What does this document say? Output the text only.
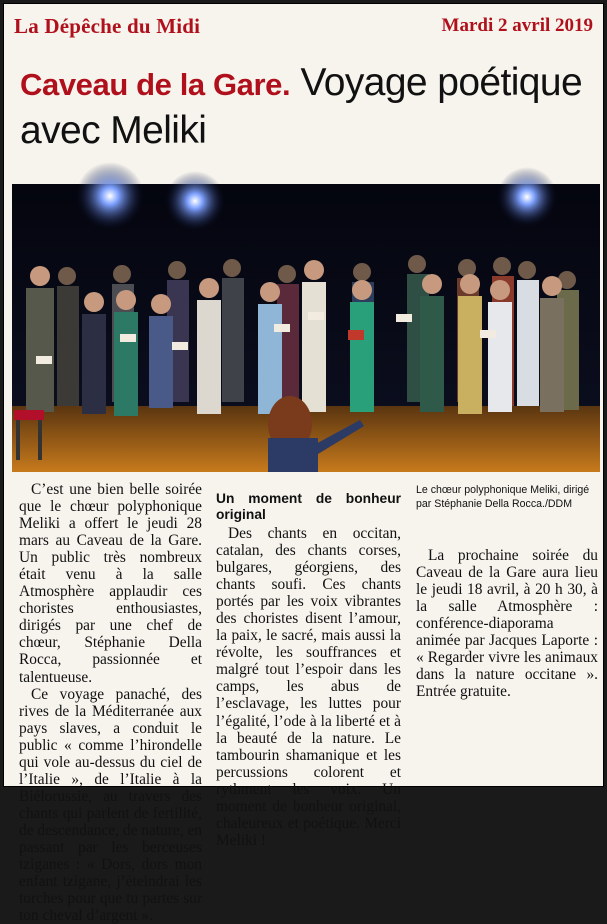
La Dépêche du Midi	Mardi 2 avril 2019
Caveau de la Gare. Voyage poétique avec Meliki
Le chœur polyphonique Meliki, dirigé par Stéphanie Della Rocca./DDM

C’est une bien belle soirée que le chœur polyphonique Meliki a offert le jeudi 28 mars au Caveau de la Gare. Un public très nombreux était venu à la salle Atmosphère applaudir ces choristes enthousiastes, dirigés par une chef de chœur, Stéphanie Della Rocca, passionnée et talentueuse.

Ce voyage panaché, des rives de la Méditerranée aux pays slaves, a conduit le public « comme l’hirondelle qui vole au-dessus du ciel de l’Italie », de l’Italie à la Biélorussie, au travers des chants qui parlent de fertilité, de descendance, de nature, en passant par les berceuses tziganes : « Dors, dors mon enfant tzigane, j’éteindrai les torches pour que tu partes sur ton cheval d’argent ».

Un moment de bonheur original

Des chants en occitan, catalan, des chants corses, bulgares, géorgiens, des chants soufi. Ces chants portés par les voix vibrantes des choristes disent l’amour, la paix, le sacré, mais aussi la révolte, les souffrances et malgré tout l’espoir dans les camps, les abus de l’esclavage, les luttes pour l’égalité, l’ode à la liberté et à la beauté de la nature. Le tambourin shamanique et les percussions colorent et rythment les voix. Un moment de bonheur original, chaleureux et poétique. Merci Meliki !

La prochaine soirée du Caveau de la Gare aura lieu le jeudi 18 avril, à 20 h 30, à la salle Atmosphère : conférence-diaporama animée par Jacques Laporte : « Regarder vivre les animaux dans la nature occitane ». Entrée gratuite.
